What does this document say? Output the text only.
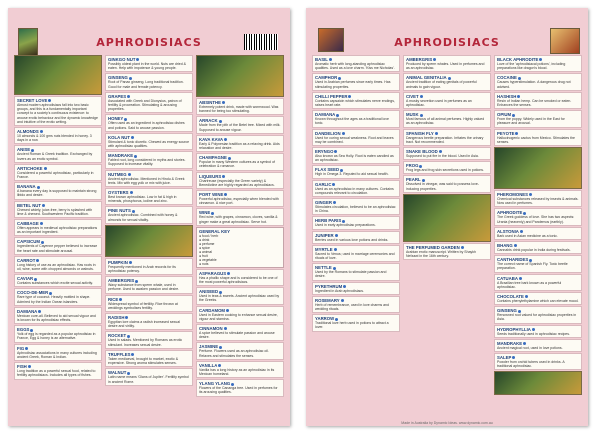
APHRODISIACS
SECRET LOVE
Almost modern aphrodisiacs fall into two basic groups, and this is a fundamentally important concept to a society's continuous existence: to arouse erotic behaviour and the dynamic knowledge and intuitive of the erotic writing.
ALMONDS
10 almonds & 100 gms nuts blended in honey. 3 days in a row.
ANISE
Ancient Roman & Greek tradition. Exchanged by lovers as an erotic symbol.
ARTICHOKE
Considered a powerful aphrodisiac, particularly in France.
BANANA
A banana every day is supposed to maintain strong libido and desire.
BETEL NUT
Chewed widely, juice-free, berry is splashed with lime & chewed. Southwestern Pacific tradition.
CABBAGE
Often appears in medieval aphrodisiac preparations as an important ingredient.
CAPSICUM
Ingredients of Cayenne pepper believed to increase the heart rate and stimulate arousal.
CARROT
Long history of use as an aphrodisiac. Has roots in oil, wine, some with chopped almonds or walnuts.
CAVIAR
Contains substances which excite sexual activity.
COCO-DE-MER
Rare type of coconut. Heavily mottled in shape. Admired by the Indian Ocean islanders.
DAMIANA
Mexican cure-all. Believed to aid sexual vigour and is known for its aphrodisiac effects.
EGGS
Yolk of egg is regarded as a popular aphrodisiac in France, Egg & honey is an alternative.
FIG
Aphrodisiac associations in many cultures including ancient Greek, Roman & Indian.
FISH
Long tradition as a powerful sexual food, related to fertility aphrodisiacs. Includes all types of fishes.
GINKGO NUT
Possibly oldest plant in the world. Nuts are dried & eaten. Help with impotence & young people.
GINSENG
Root of Panax ginseng. Long traditional tradition. Good for male and female potency.
GRAPES
Associated with Greek and Dionysius, patron of fertility & procreation. Stimulating & arousing properties.
HONEY
Often used as an ingredient in aphrodisiac dishes and potions. Said to arouse passion.
KOLA NUT
Stimulant & tonic diuretic. Chewed as energy source with aphrodisiac qualities.
MANDRAKE
Fabled root, long considered in myths and stories. Supposed to increase vitality.
NUTMEG
Ancient aphrodisiac. Mentioned in Hindu & Greek texts. Mix with egg yolk or mix with juice.
OYSTERS
Best known aphrodisiac. Low in fat & high in minerals, phosphorus, iodine and zinc.
PINE NUTS
Ancient aphrodisiac. Combined with honey & almonds for sexual vitality.
PUMPKIN
Frequently mentioned in Arab records for its aphrodisiac potency.
AMBERGRIS
Waxy substance from sperm whale, used in perfume. Used to awaken passion and desire.
RICE
Widespread symbol of fertility. Rice thrown at weddings symbolises fertility.
RADISH
Egyptian lore claims a radish increased sexual desire and virility.
ROCKET
Used in salads. Mentioned by Romans as erotic stimulant. Increases sexual desire.
TRUFFLES
Taken mediaeval, brought to market, exotic & expensive. Strong aroma stimulates senses.
WALNUT
Latin name means 'Glans of Jupiter'. Fertility symbol in ancient Rome.
ABSINTHE
Extremely potent drink, made with wormwood. Was banned for being too stimulating.
ARRACK
Made from the pith of the Betel tree. Mixed with milk. Supposed to arouse vigour.
KAVA KAVA
Early & Polynesian tradition as a relaxing drink. Aids relaxation and desire.
CHAMPAGNE
Popular in many Western cultures as a symbol of celebration & romance.
LIQUEURS
Chartreuse (especially the Green variety) & Benedictine are highly regarded as aphrodisiacs.
PORT WINE
Powerful aphrodisiac, especially when blended with cinnamon. A nice port.
WINE
Red wine, with grapes, cinnamon, cloves, vanilla & ginger make a great aphrodisiac. Serve hot.
GENERAL KEY
● food / herb
● drink
● perfume
● spice
● animal
● fruit
● vegetable
● nuts
ASPARAGUS
Has a phallic shape and is considered to be one of the most powerful aphrodisiacs.
ANISEED
Used in teas & sweets. Ancient aphrodisiac used by the Greeks.
CARDAMOM
Used in Eastern cooking to enhance sexual desire, vigour and stamina.
CINNAMON
A spice believed to stimulate passion and arouse desire.
JASMINE
Perfume. Flowers used as an aphrodisiac oil. Relaxes and stimulates the senses.
VANILLA
Vanilla has a long history as an aphrodisiac in its Mexican homeland.
YLANG YLANG
Flowers of the Cananga tree. Used in perfumes for its arousing qualities.
APHRODISIACS
BASIL
Aromatic herb with long-standing aphrodisiac qualities. Used as a love charm. 'Kiss me Nicholas'.
CAMPHOR
Used in Arabian perfumes since early times. Has stimulating properties.
CHILLI PEPPER
Contains capsaicin which stimulates nerve endings, raises heart rate.
DAMIANA
Known throughout the ages as a traditional love tonic.
DANDELION
Used for curing sexual weakness. Root and leaves may be combined.
ERYNGO
Also known as Sea Holly. Root is eaten candied as an aphrodisiac.
FLAX SEED
High in Omega 3. Reputed to aid sexual health.
GARLIC
Used as an aphrodisiac in many cultures. Contains compounds relevant to circulation.
GINGER
Stimulates circulation, believed to be an aphrodisiac in China.
HERB PARIS
Used in early aphrodisiac preparations.
JUNIPER
Berries used in various love potions and drinks.
MYRTLE
Sacred to Venus; used in marriage ceremonies and rituals of love.
NETTLE
Used by the Romans to stimulate passion and desire.
PYRETHRUM
Ingredient in Arab aphrodisiacs.
ROSEMARY
Herb of remembrance, used in love charms and wedding rituals.
YARROW
Traditional love herb used in potions to attract a lover.
AMBERGRIS
Produced by sperm whales. Used in perfumes and as an aphrodisiac.
ANIMAL GENITALIA
Ancient tradition of eating genitals of powerful animals to gain vigour.
CIVET
A musky secretion used in perfumes as an aphrodisiac.
MUSK
Most famous of all animal perfumes. Highly valued as an aphrodisiac.
SPANISH FLY
Dangerous beetle preparation. Irritates the urinary tract. Not recommended.
SNAKE BLOOD
Supposed to put fire in the blood. Used in Asia.
FROG
Frog legs and frog skin secretions used in potions.
PEARL
Dissolved in vinegar, was said to possess love-inducing properties.
THE PERFUMED GARDEN
Arabian erotic manuscript. Written by Shaykh Nefzawi in the 16th century.
BLACK APHRODITE
Love of the 'aphrodisiacal potions', including preparations like dragon's blood.
COCAINE
Causes hyperstimulation. A dangerous drug not advised.
HASHISH
Resin of Indian hemp. Can be smoked or eaten. Enhances the senses.
OPIUM
From the poppy. Widely used in the East for pleasure and arousal.
PEYOTE
Hallucinogenic cactus from Mexico. Stimulates the senses.
PHEROMONES
Chemical substances released by insects & animals. Now used in perfumes.
APHRODITE
The Greek goddess of love. She has two aspects: Urania (heavenly) and Pandemos (earthly).
ALSTONIA
Bark used in Asian medicine as a tonic.
BHANG
Cannabis drink popular in India during festivals.
CANTHARIDES
The correct name of Spanish Fly. Toxic beetle preparation.
CATUABA
A Brazilian tree bark known as a powerful aphrodisiac.
CHOCOLATE
Contains phenylethylamine which can elevate mood.
GINSENG
Renowned root valued for aphrodisiac properties in Asia.
HYDROPHYLLIA
Seeds traditionally used in aphrodisiac recipes.
MANDRAKE
Ancient magical root, used in love potions.
SALEP
Powder from orchid tubers used in drinks. A traditional aphrodisiac.
Made in Australia by Dynamic Ideas. www.dynamic.com.au
